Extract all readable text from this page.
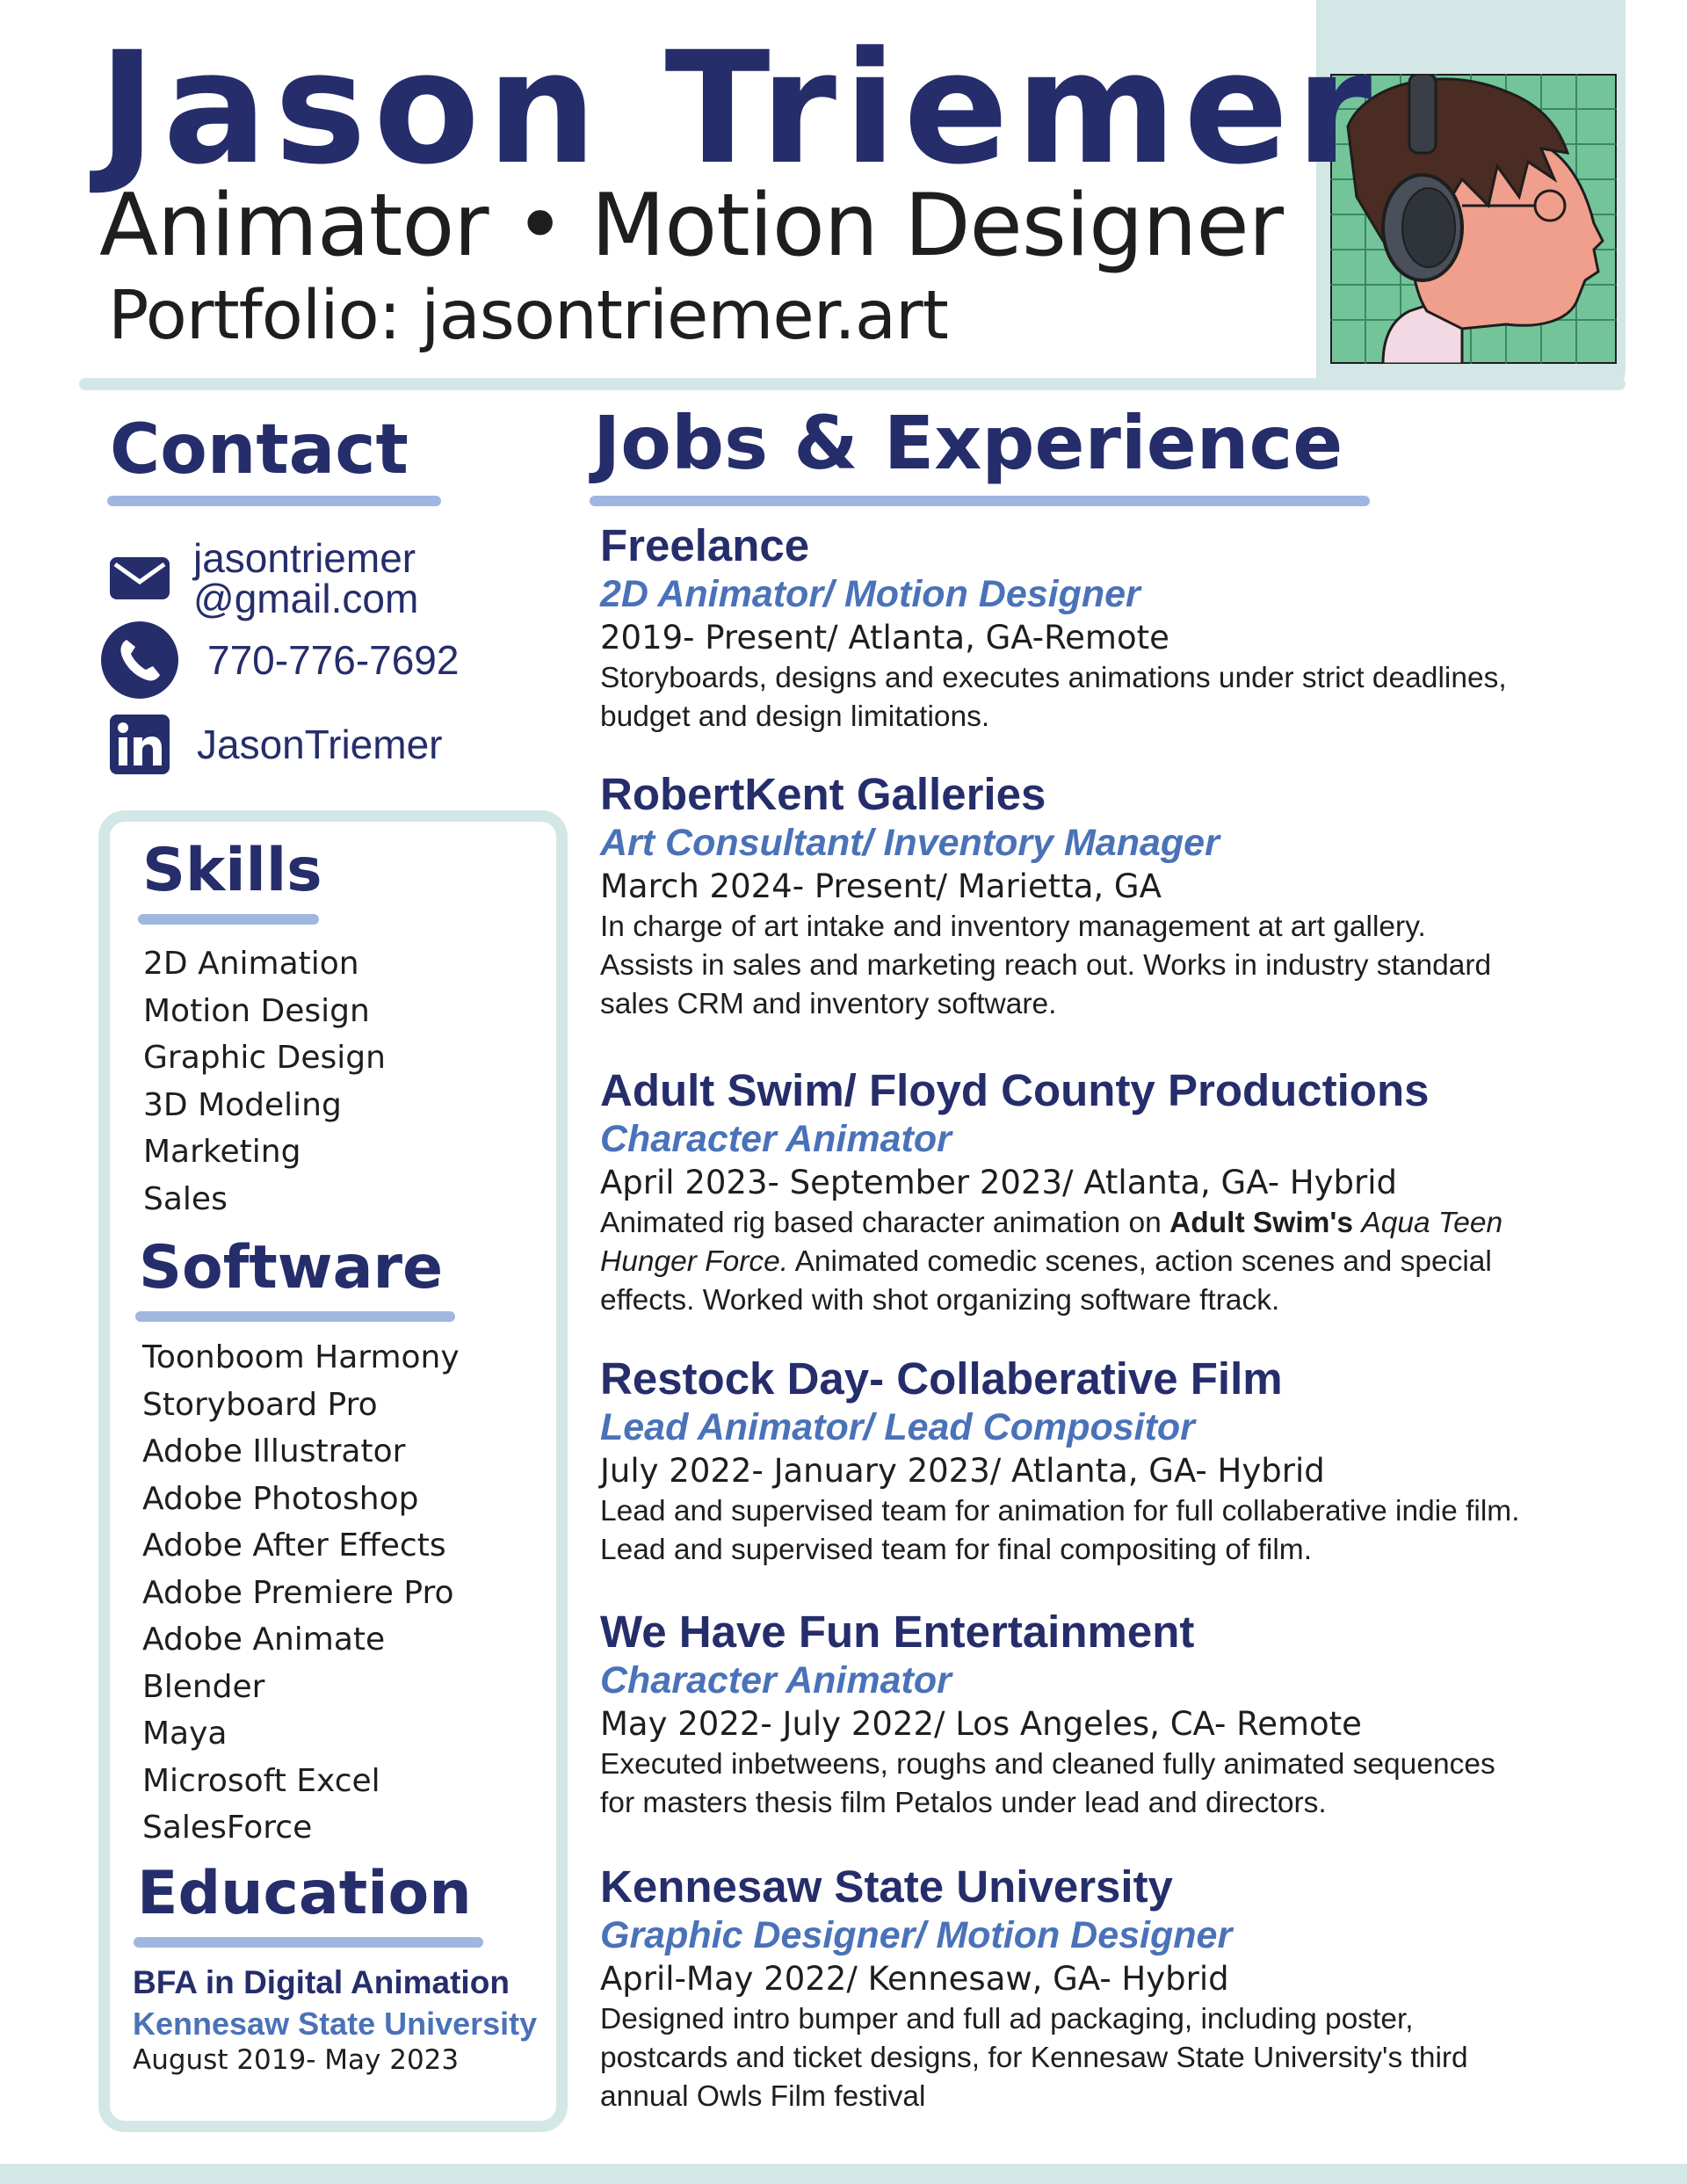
Jason Triemer
Animator • Motion Designer
Portfolio: jasontriemer.art
Contact
jasontriemer
@gmail.com
770-776-7692
JasonTriemer
Skills
2D Animation
Motion Design
Graphic Design
3D Modeling
Marketing
Sales
Software
Toonboom Harmony
Storyboard Pro
Adobe Illustrator
Adobe Photoshop
Adobe After Effects
Adobe Premiere Pro
Adobe Animate
Blender
Maya
Microsoft Excel
SalesForce
Education
BFA in Digital Animation
Kennesaw State University
August 2019- May 2023
Jobs & Experience
Freelance
2D Animator/ Motion Designer
2019- Present/ Atlanta, GA-Remote
Storyboards, designs and executes animations under strict deadlines,
budget and design limitations.
RobertKent Galleries
Art Consultant/ Inventory Manager
March 2024- Present/ Marietta, GA
In charge of art intake and inventory management at art gallery.
Assists in sales and marketing reach out. Works in industry standard
sales CRM and inventory software.
Adult Swim/ Floyd County Productions
Character Animator
April 2023- September 2023/ Atlanta, GA- Hybrid
Animated rig based character animation on Adult Swim's Aqua Teen Hunger Force. Animated comedic scenes, action scenes and special effects. Worked with shot organizing software ftrack.
Restock Day- Collaberative Film
Lead Animator/ Lead Compositor
July 2022- January 2023/ Atlanta, GA- Hybrid
Lead and supervised team for animation for full collaberative indie film.
Lead and supervised team for final compositing of film.
We Have Fun Entertainment
Character Animator
May 2022- July 2022/ Los Angeles, CA- Remote
Executed inbetweens, roughs and cleaned fully animated sequences
for masters thesis film Petalos under lead and directors.
Kennesaw State University
Graphic Designer/ Motion Designer
April-May 2022/ Kennesaw, GA- Hybrid
Designed intro bumper and full ad packaging, including poster,
postcards and ticket designs, for Kennesaw State University's third
annual Owls Film festival
